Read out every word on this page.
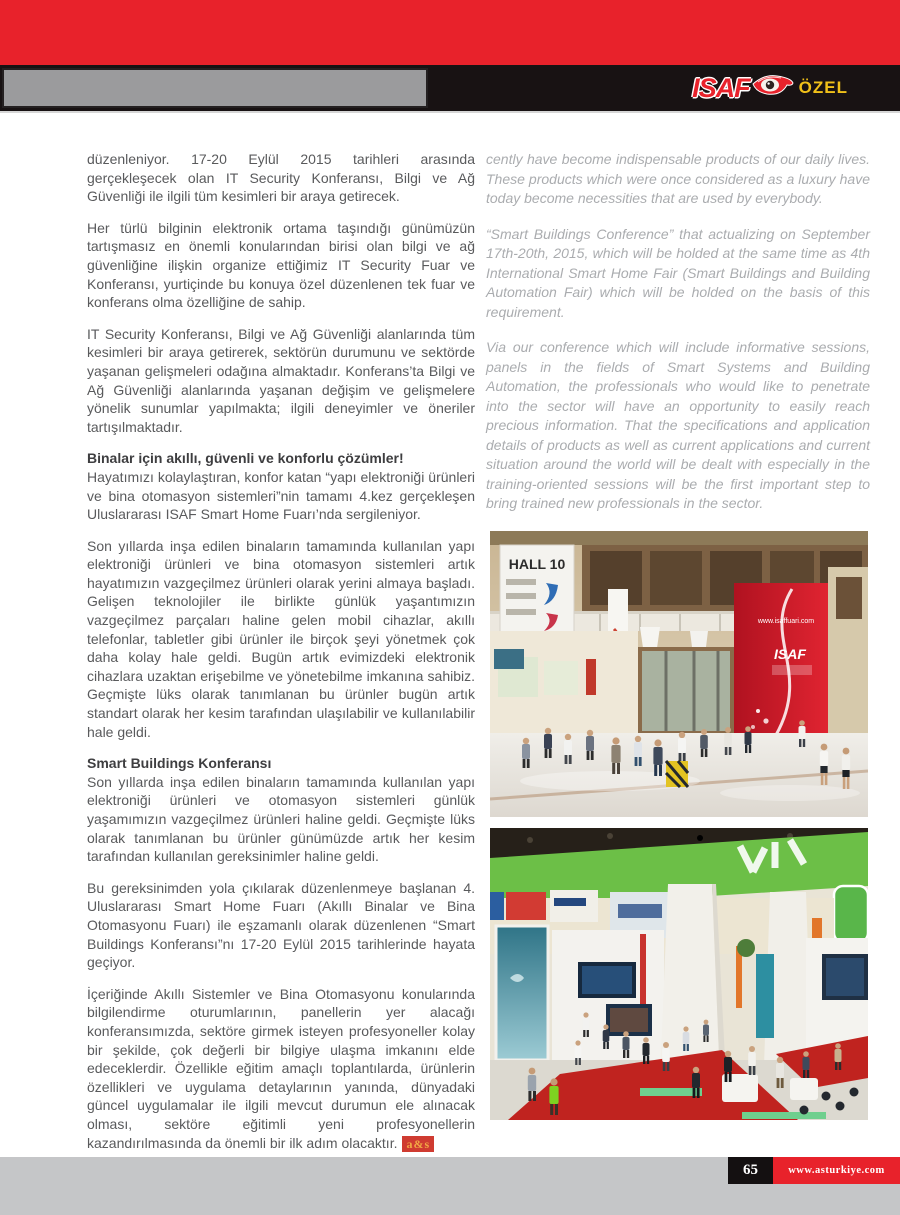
ISAF	ÖZEL

düzenleniyor. 17-20 Eylül 2015 tarihleri arasında gerçekleşecek olan IT Security Konferansı, Bilgi ve Ağ Güvenliği ile ilgili tüm kesimleri bir araya getirecek.

Her türlü bilginin elektronik ortama taşındığı günümüzün tartışmasız en önemli konularından birisi olan bilgi ve ağ güvenliğine ilişkin organize ettiğimiz IT Security Fuar ve Konferansı, yurtiçinde bu konuya özel düzenlenen tek fuar ve konferans olma özelliğine de sahip.

IT Security Konferansı, Bilgi ve Ağ Güvenliği alanlarında tüm kesimleri bir araya getirerek, sektörün durumunu ve sektörde yaşanan gelişmeleri odağına almaktadır. Konferans’ta Bilgi ve Ağ Güvenliği alanlarında yaşanan değişim ve gelişmelere yönelik sunumlar yapılmakta; ilgili deneyimler ve öneriler tartışılmaktadır.

Binalar için akıllı, güvenli ve konforlu çözümler!

Hayatımızı kolaylaştıran, konfor katan “yapı elektroniği ürünleri ve bina otomasyon sistemleri”nin tamamı 4.kez gerçekleşen Uluslararası ISAF Smart Home Fuarı’nda sergileniyor.

Son yıllarda inşa edilen binaların tamamında kullanılan yapı elektroniği ürünleri ve bina otomasyon sistemleri artık hayatımızın vazgeçilmez ürünleri olarak yerini almaya başladı. Gelişen teknolojiler ile birlikte günlük yaşantımızın vazgeçilmez parçaları haline gelen mobil cihazlar, akıllı telefonlar, tabletler gibi ürünler ile birçok şeyi yönetmek çok daha kolay hale geldi. Bugün artık evimizdeki elektronik cihazlara uzaktan erişebilme ve yönetebilme imkanına sahibiz. Geçmişte lüks olarak tanımlanan bu ürünler bugün artık standart olarak her kesim tarafından ulaşılabilir ve kullanılabilir hale geldi.

Smart Buildings Konferansı

Son yıllarda inşa edilen binaların tamamında kullanılan yapı elektroniği ürünleri ve otomasyon sistemleri günlük yaşamımızın vazgeçilmez ürünleri haline geldi. Geçmişte lüks olarak tanımlanan bu ürünler günümüzde artık her kesim tarafından kullanılan gereksinimler haline geldi.

Bu gereksinimden yola çıkılarak düzenlenmeye başlanan 4. Uluslararası Smart Home Fuarı (Akıllı Binalar ve Bina Otomasyonu Fuarı) ile eşzamanlı olarak düzenlenen “Smart Buildings Konferansı”nı 17-20 Eylül 2015 tarihlerinde hayata geçiyor.

İçeriğinde Akıllı Sistemler ve Bina Otomasyonu konularında bilgilendirme oturumlarının, panellerin yer alacağı konferansımızda, sektöre girmek isteyen profesyoneller kolay bir şekilde, çok değerli bir bilgiye ulaşma imkanını elde edeceklerdir. Özellikle eğitim amaçlı toplantılarda, ürünlerin özellikleri ve uygulama detaylarının yanında, dünyadaki güncel uygulamalar ile ilgili mevcut durumun ele alınacak olması, sektöre eğitimli yeni profesyonellerin kazandırılmasında da önemli bir ilk adım olacaktır. a&s

cently have become indispensable products of our daily lives. These products which were once considered as a luxury have today become necessities that are used by everybody.

“Smart Buildings Conference” that actualizing on September 17th-20th, 2015, which will be holded at the same time as 4th International Smart Home Fair (Smart Buildings and Building Automation Fair) which will be holded on the basis of this requirement.

Via our conference which will include informative sessions, panels in the fields of Smart Systems and Building Automation, the professionals who would like to penetrate into the sector will have an opportunity to easily reach precious information. That the specifications and application details of products as well as current applications and current situation around the world will be dealt with especially in the training-oriented sessions will be the first important step to bring trained new professionals in the sector.

HALL 10
www.isaffuari.com
ISAF
65	www.asturkiye.com
